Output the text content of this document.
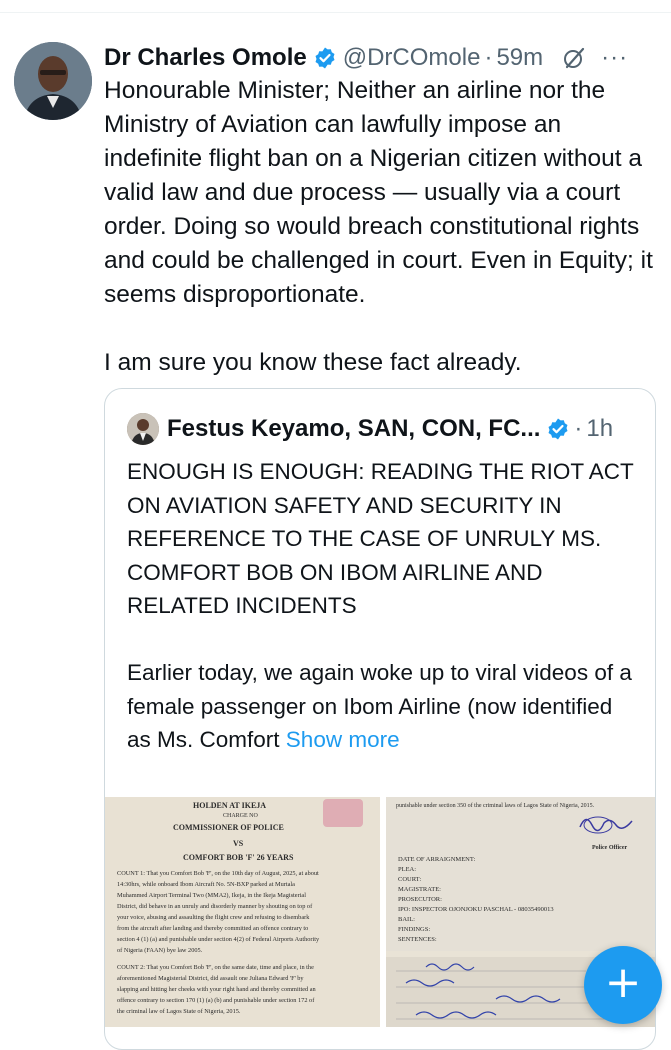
Dr Charles Omole @DrCOmole · 59m ···

Honourable Minister; Neither an airline nor the Ministry of Aviation can lawfully impose an indefinite flight ban on a Nigerian citizen without a valid law and due process — usually via a court order. Doing so would breach constitutional rights and could be challenged in court. Even in Equity; it seems disproportionate.

I am sure you know these fact already.

Festus Keyamo, SAN, CON, FC... · 1h

ENOUGH IS ENOUGH: READING THE RIOT ACT ON AVIATION SAFETY AND SECURITY IN REFERENCE TO THE CASE OF UNRULY MS. COMFORT BOB ON IBOM AIRLINE AND RELATED INCIDENTS

Earlier today, we again woke up to viral videos of a female passenger on Ibom Airline (now identified as Ms. Comfort Show more

HOLDEN AT IKEJA
CHARGE NO
COMMISSIONER OF POLICE
VS
COMFORT BOB 'F' 26 YEARS
COUNT 1: That you Comfort Bob 'F', on the 10th day of August, 2025, at about
14:30hrs, while onboard Ibom Aircraft No. 5N-BXP parked at Murtala
Muhammed Airport Terminal Two (MMA2), Ikeja, in the Ikeja Magisterial
District, did behave in an unruly and disorderly manner by shouting on top of
your voice, abusing and assaulting the flight crew and refusing to disembark
from the aircraft after landing and thereby committed an offence contrary to
section 4 (1) (a) and punishable under section 4(2) of Federal Airports Authority
of Nigeria (FAAN) bye law 2005.
COUNT 2: That you Comfort Bob 'F', on the same date, time and place, in the
aforementioned Magisterial District, did assault one Juliana Edward 'F' by
slapping and hitting her cheeks with your right hand and thereby committed an
offence contrary to section 170 (1) (a) (b) and punishable under section 172 of
the criminal law of Lagos State of Nigeria, 2015.
punishable under section 350 of the criminal laws of Lagos State of Nigeria, 2015.
Police Officer
DATE OF ARRAIGNMENT:
PLEA:
COURT:
MAGISTRATE:
PROSECUTOR:
IPO: INSPECTOR OJONJOKU PASCHAL - 08035490013
BAIL:
FINDINGS:
SENTENCES:
+
